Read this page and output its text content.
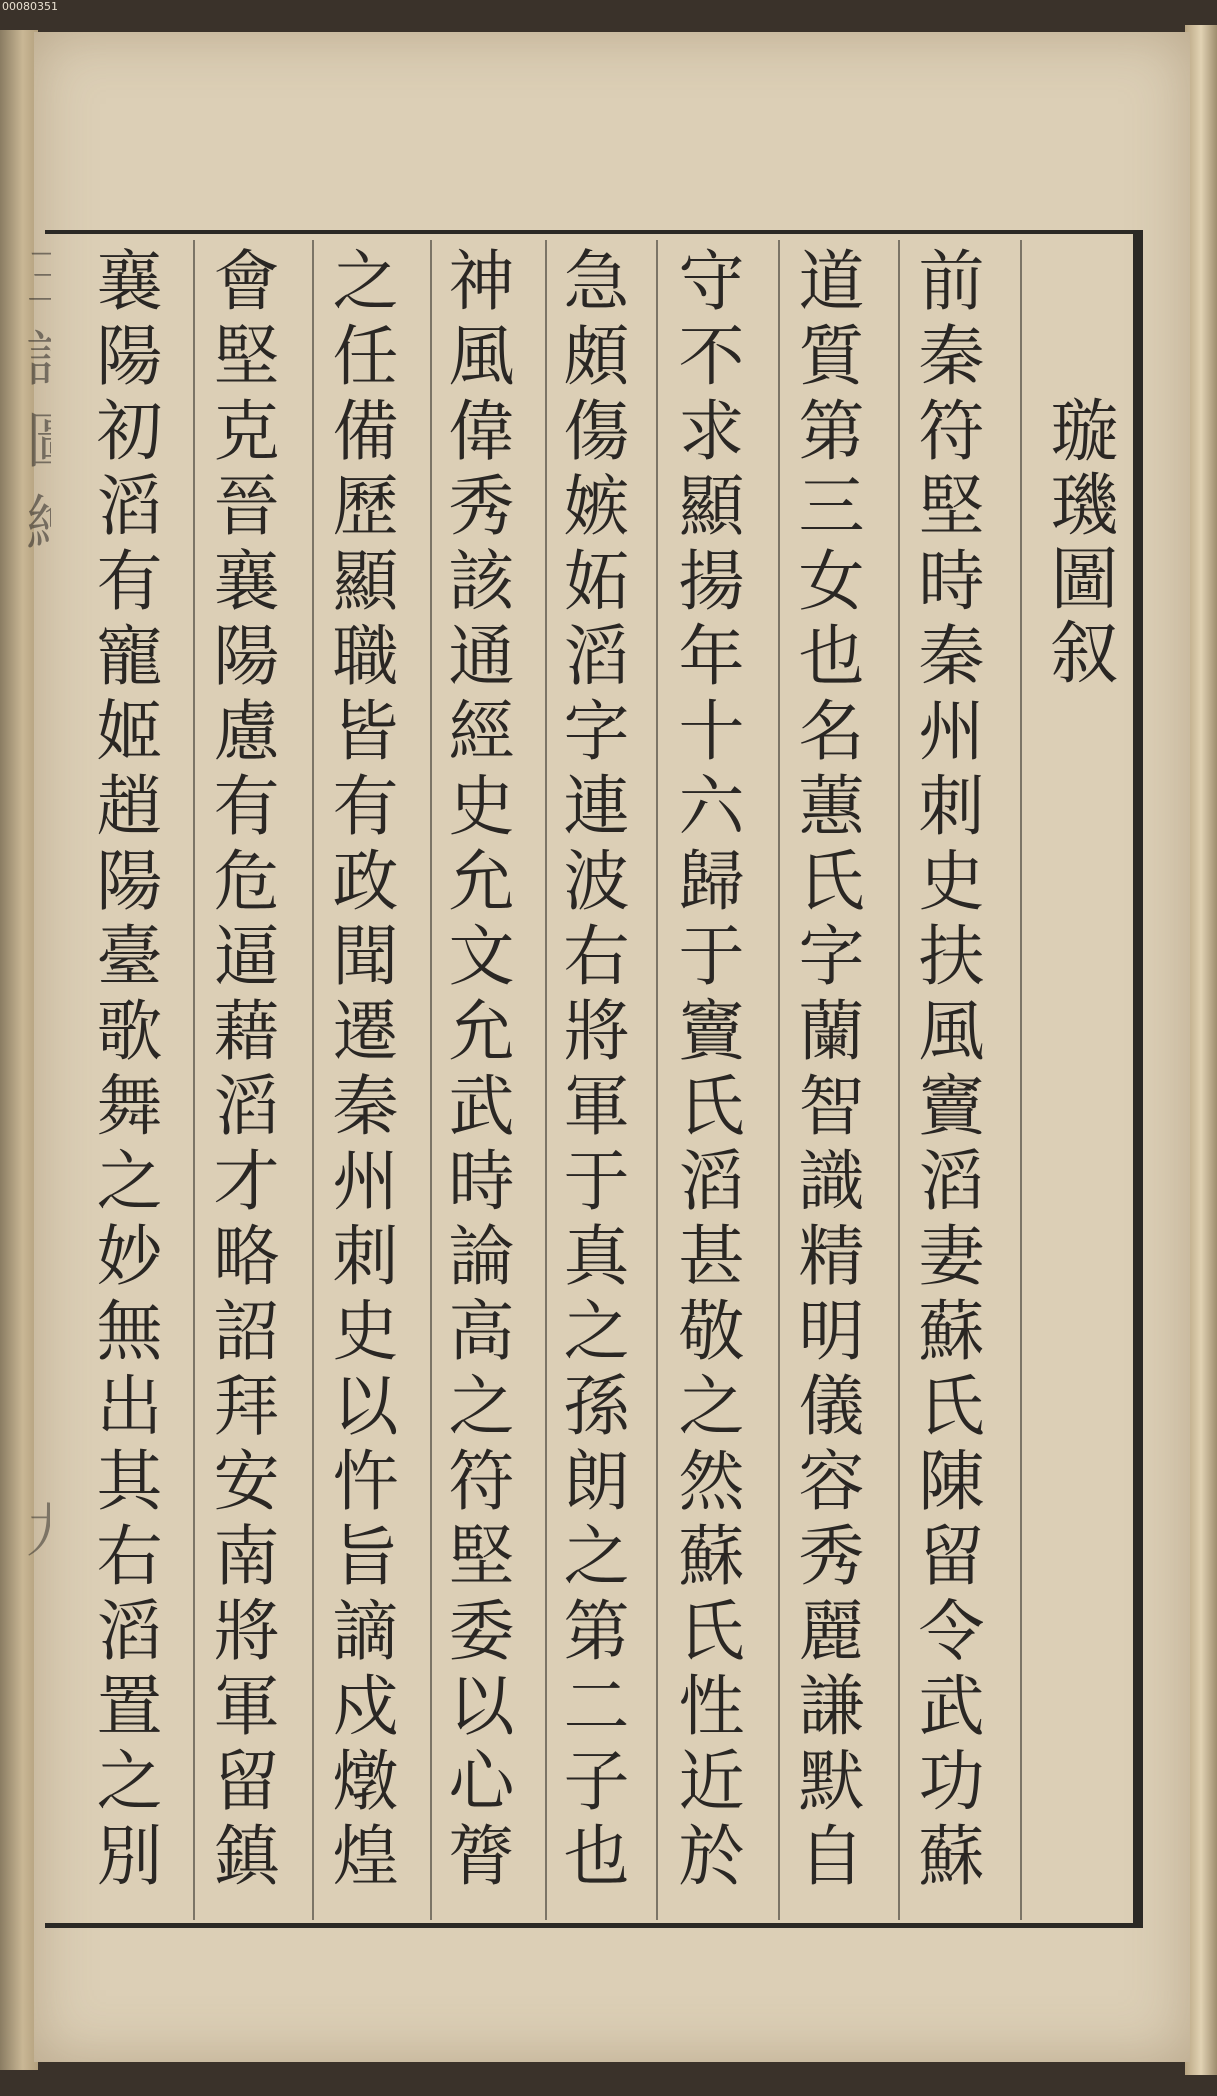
00080351
璇璣圖叙
前秦符堅時秦州刺史扶風竇滔妻蘇氏陳留令武功蘇
道質第三女也名蕙氏字蘭智識精明儀容秀麗謙默自
守不求顯揚年十六歸于竇氏滔甚敬之然蘇氏性近於
急頗傷嫉妬滔字連波右將軍于真之孫朗之第二子也
神風偉秀該通經史允文允武時論高之符堅委以心膂
之任備歷顯職皆有政聞遷秦州刺史以忤旨謫戍燉煌
會堅克晉襄陽慮有危逼藉滔才略詔拜安南將軍留鎮
襄陽初滔有寵姬趙陽臺歌舞之妙無出其右滔置之別
